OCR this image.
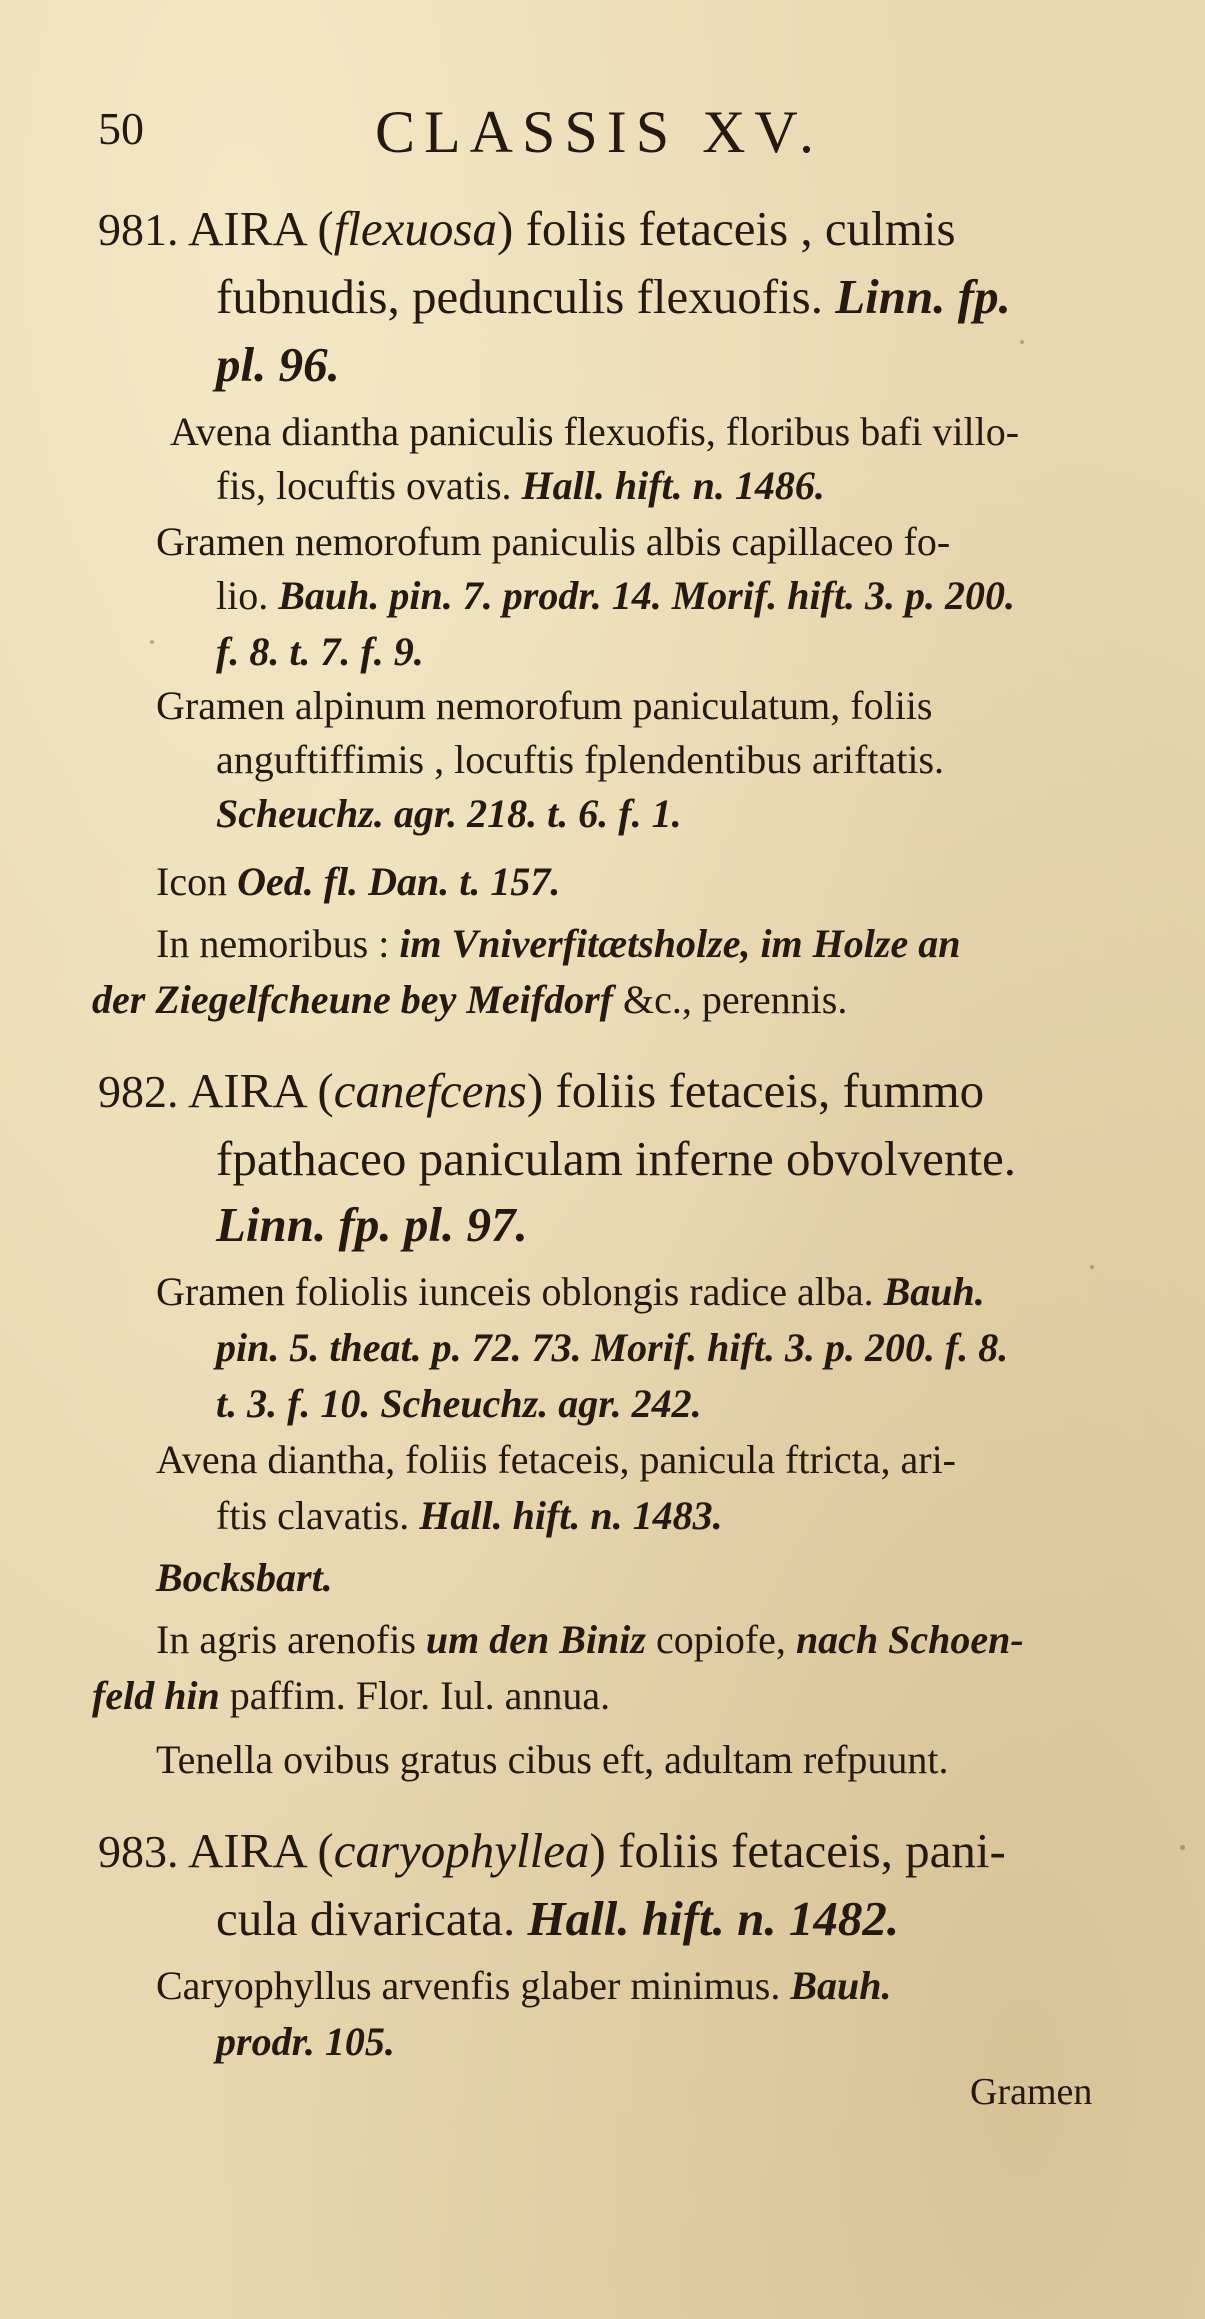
50	CLASSIS XV.
981. AIRA (flexuosa) foliis fetaceis , culmis
fubnudis, pedunculis flexuofis. Linn. fp.
pl. 96.
Avena diantha paniculis flexuofis, floribus bafi villo-
fis, locuftis ovatis. Hall. hift. n. 1486.
Gramen nemorofum paniculis albis capillaceo fo-
lio. Bauh. pin. 7. prodr. 14. Morif. hift. 3. p. 200.
f. 8. t. 7. f. 9.
Gramen alpinum nemorofum paniculatum, foliis
anguftiffimis , locuftis fplendentibus ariftatis.
Scheuchz. agr. 218. t. 6. f. 1.
Icon Oed. fl. Dan. t. 157.
In nemoribus : im Vniverfitætsholze, im Holze an
der Ziegelfcheune bey Meifdorf &c., perennis.
982. AIRA (canefcens) foliis fetaceis, fummo
fpathaceo paniculam inferne obvolvente.
Linn. fp. pl. 97.
Gramen foliolis iunceis oblongis radice alba. Bauh.
pin. 5. theat. p. 72. 73. Morif. hift. 3. p. 200. f. 8.
t. 3. f. 10. Scheuchz. agr. 242.
Avena diantha, foliis fetaceis, panicula ftricta, ari-
ftis clavatis. Hall. hift. n. 1483.
Bocksbart.
In agris arenofis um den Biniz copiofe, nach Schoen-
feld hin paffim. Flor. Iul. annua.
Tenella ovibus gratus cibus eft, adultam refpuunt.
983. AIRA (caryophyllea) foliis fetaceis, pani-
cula divaricata. Hall. hift. n. 1482.
Caryophyllus arvenfis glaber minimus. Bauh.
prodr. 105.
Gramen
